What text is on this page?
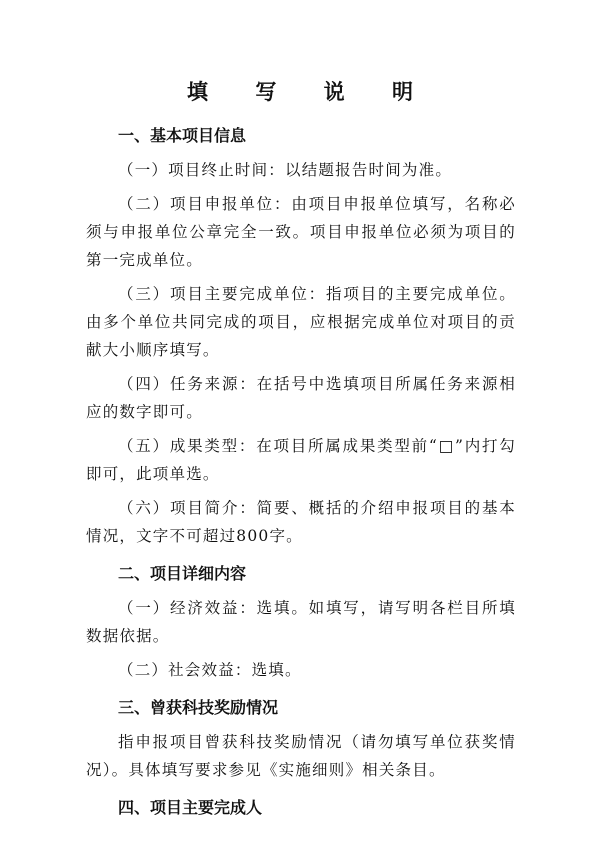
填 写 说 明
一、基本项目信息

（一）项目终止时间：以结题报告时间为准。

（二）项目申报单位：由项目申报单位填写，名称必须与申报单位公章完全一致。项目申报单位必须为项目的第一完成单位。

（三）项目主要完成单位：指项目的主要完成单位。由多个单位共同完成的项目，应根据完成单位对项目的贡献大小顺序填写。

（四）任务来源：在括号中选填项目所属任务来源相应的数字即可。

（五）成果类型：在项目所属成果类型前“□”内打勾即可，此项单选。

（六）项目简介：简要、概括的介绍申报项目的基本情况，文字不可超过800字。

二、项目详细内容

（一）经济效益：选填。如填写，请写明各栏目所填数据依据。

（二）社会效益：选填。

三、曾获科技奖励情况

指申报项目曾获科技奖励情况（请勿填写单位获奖情况）。具体填写要求参见《实施细则》相关条目。

四、项目主要完成人
